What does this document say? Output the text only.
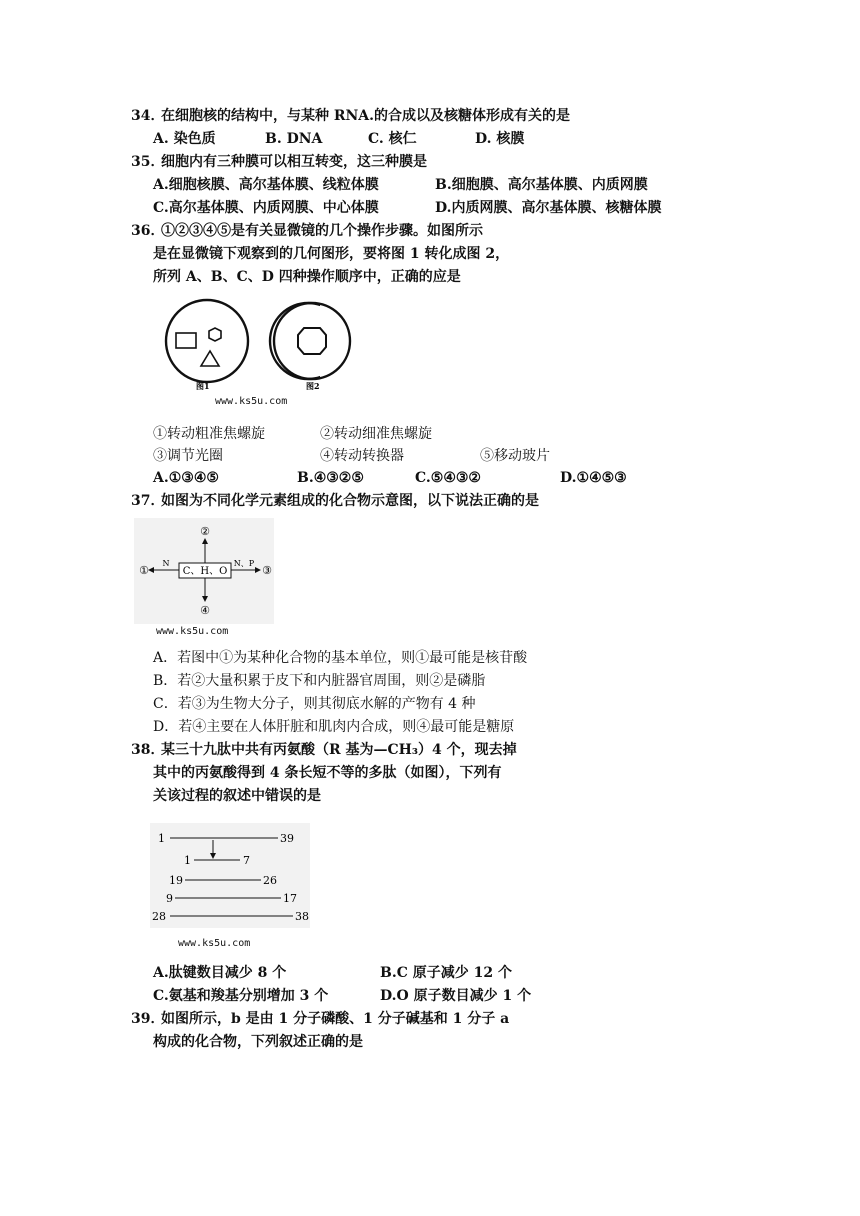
34．
在细胞核的结构中，与某种 RNA.的合成以及核糖体形成有关的是
A. 染色质	B. DNA	C. 核仁	D. 核膜
35．
细胞内有三种膜可以相互转变，这三种膜是
A.细胞核膜、高尔基体膜、线粒体膜	B.细胞膜、高尔基体膜、内质网膜
C.高尔基体膜、内质网膜、中心体膜	D.内质网膜、高尔基体膜、核糖体膜
36．
①②③④⑤是有关显微镜的几个操作步骤。如图所示
是在显微镜下观察到的几何图形，要将图 1 转化成图 2，
所列 A、B、C、D 四种操作顺序中，正确的应是
图1	图2
www.ks5u.com
①转动粗准焦螺旋	②转动细准焦螺旋
③调节光圈	④转动转换器	⑤移动玻片
A.①③④⑤	B.④③②⑤	C.⑤④③②	D.①④⑤③
37．
如图为不同化学元素组成的化合物示意图，以下说法正确的是
C、H、O
②
④
①
N
③
N、P
www.ks5u.com
A．若图中①为某种化合物的基本单位，则①最可能是核苷酸
B．若②大量积累于皮下和内脏器官周围，则②是磷脂
C．若③为生物大分子，则其彻底水解的产物有 4 种
D．若④主要在人体肝脏和肌肉内合成，则④最可能是糖原
38．
某三十九肽中共有丙氨酸（R 基为—CH₃）4 个，现去掉
其中的丙氨酸得到 4 条长短不等的多肽（如图），下列有
关该过程的叙述中错误的是
1	39
1	7
19	26
9	17
28	38
www.ks5u.com
A.肽键数目减少 8 个	B.C 原子减少 12 个
C.氨基和羧基分别增加 3 个	D.O 原子数目减少 1 个
39．
如图所示，b 是由 1 分子磷酸、1 分子碱基和 1 分子 a
构成的化合物，下列叙述正确的是
